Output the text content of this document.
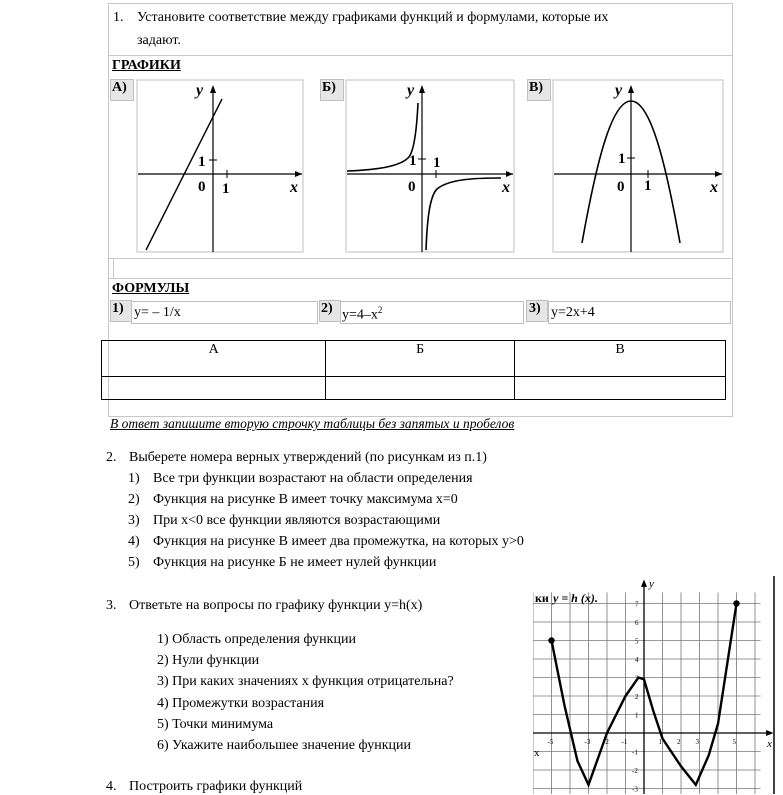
1. Установите соответствие между графиками функций и формулами, которые их
задают.
ГРАФИКИ
А)	Б)	В)
y
x
0 1
1
y
x
0
1
1
y
x
0 1
1
ФОРМУЛЫ
1) y= – 1/x	2) $y=4-x^2$	3) y=2x+4
А	Б	В

В ответ запишите вторую строчку таблицы без запятых и пробелов
2. Выберете номера верных утверждений (по рисункам из п.1)
1) Все три функции возрастают на области определения
2) Функция на рисунке В имеет точку максимума x=0
3) При x<0 все функции являются возрастающими
4) Функция на рисунке В имеет два промежутка, на которых y>0
5) Функция на рисунке Б не имеет нулей функции
3. Ответьте на вопросы по графику функции y=h(x)
1) Область определения функции
2) Нули функции
3) При каких значениях x функция отрицательна?
4) Промежутки возрастания
5) Точки минимума
6) Укажите наибольшее значение функции
4. Построить графики функций
x
y
-5	-3	-1	1	3	5
-2	2
7
6
5
4
3
2
1
-1
-2
-3
ки y = h (x).
x
